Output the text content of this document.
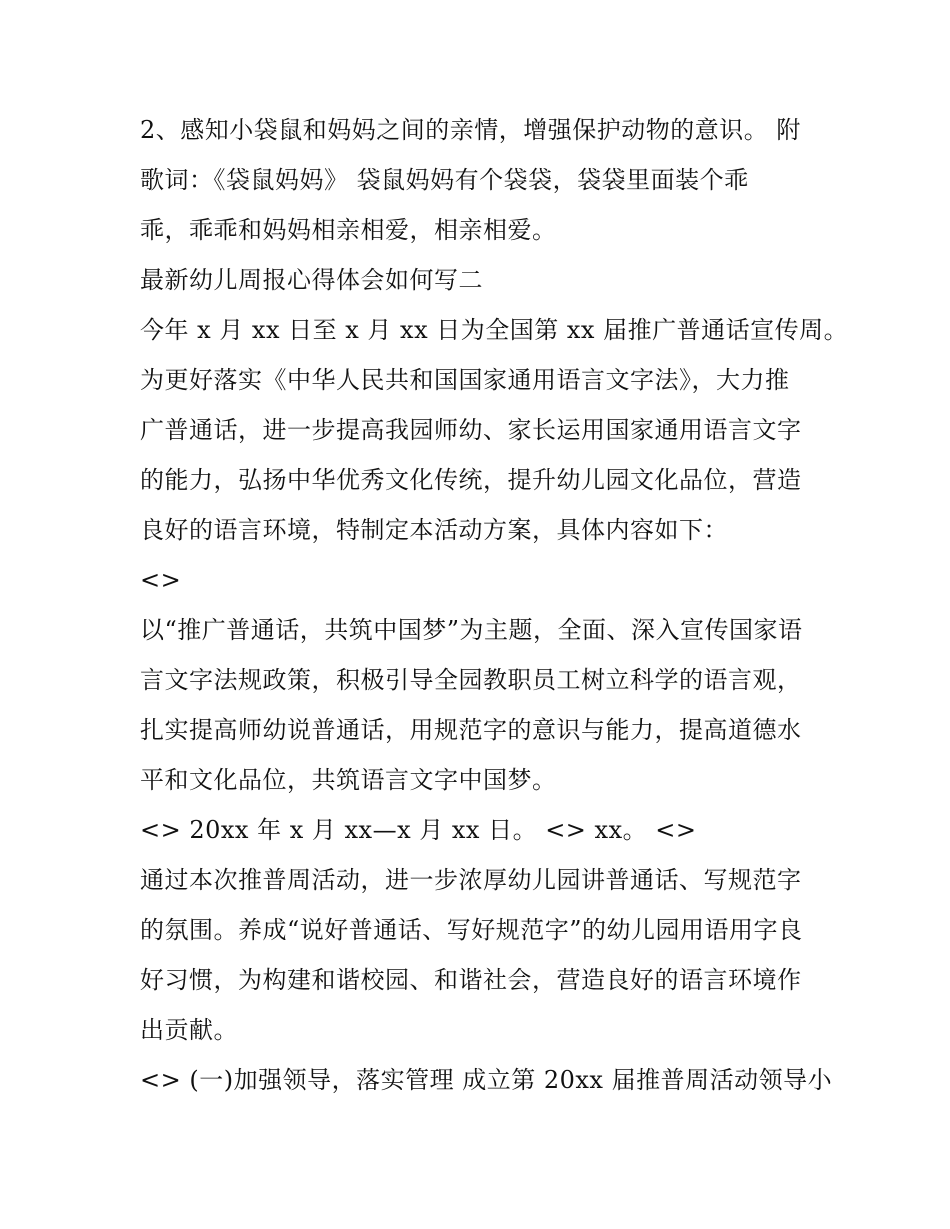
2、感知小袋鼠和妈妈之间的亲情，增强保护动物的意识。 附
歌词：《袋鼠妈妈》 袋鼠妈妈有个袋袋，袋袋里面装个乖
乖，乖乖和妈妈相亲相爱，相亲相爱。
最新幼儿周报心得体会如何写二
今年 x 月 xx 日至 x 月 xx 日为全国第 xx 届推广普通话宣传周。
为更好落实《中华人民共和国国家通用语言文字法》，大力推
广普通话，进一步提高我园师幼、家长运用国家通用语言文字
的能力，弘扬中华优秀文化传统，提升幼儿园文化品位，营造
良好的语言环境，特制定本活动方案，具体内容如下：
<>
以“推广普通话，共筑中国梦”为主题，全面、深入宣传国家语
言文字法规政策，积极引导全园教职员工树立科学的语言观，
扎实提高师幼说普通话，用规范字的意识与能力，提高道德水
平和文化品位，共筑语言文字中国梦。
<> 20xx 年 x 月 xx—x 月 xx 日。 <> xx。 <>
通过本次推普周活动，进一步浓厚幼儿园讲普通话、写规范字
的氛围。养成“说好普通话、写好规范字”的幼儿园用语用字良
好习惯，为构建和谐校园、和谐社会，营造良好的语言环境作
出贡献。
<> (一)加强领导，落实管理 成立第 20xx 届推普周活动领导小
